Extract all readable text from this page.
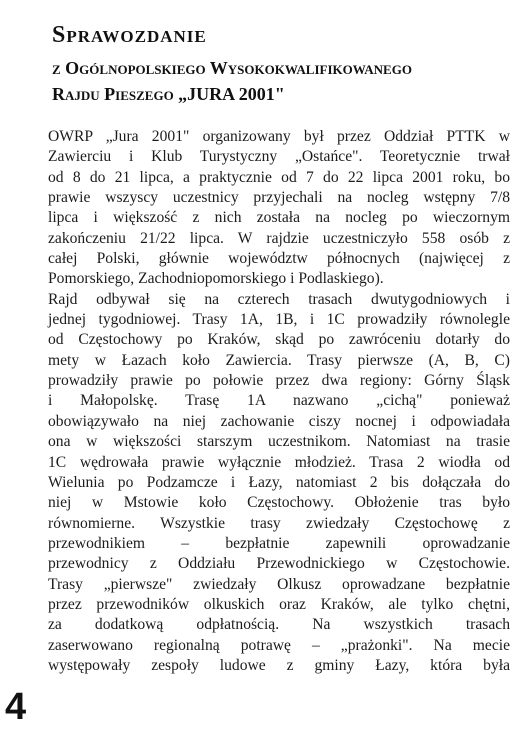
Sprawozdanie
z Ogólnopolskiego Wysokokwalifikowanego
Rajdu Pieszego „JURA 2001"
OWRP „Jura 2001" organizowany był przez Oddział PTTK w
Zawierciu i Klub Turystyczny „Ostańce". Teoretycznie trwał
od 8 do 21 lipca, a praktycznie od 7 do 22 lipca 2001 roku, bo
prawie wszyscy uczestnicy przyjechali na nocleg wstępny 7/8
lipca i większość z nich została na nocleg po wieczornym
zakończeniu 21/22 lipca. W rajdzie uczestniczyło 558 osób z
całej Polski, głównie województw północnych (najwięcej z
Pomorskiego, Zachodniopomorskiego i Podlaskiego).
Rajd odbywał się na czterech trasach dwutygodniowych i
jednej tygodniowej. Trasy 1A, 1B, i 1C prowadziły równolegle
od Częstochowy po Kraków, skąd po zawróceniu dotarły do
mety w Łazach koło Zawiercia. Trasy pierwsze (A, B, C)
prowadziły prawie po połowie przez dwa regiony: Górny Śląsk
i Małopolskę. Trasę 1A nazwano „cichą" ponieważ
obowiązywało na niej zachowanie ciszy nocnej i odpowiadała
ona w większości starszym uczestnikom. Natomiast na trasie
1C wędrowała prawie wyłącznie młodzież. Trasa 2 wiodła od
Wielunia po Podzamcze i Łazy, natomiast 2 bis dołączała do
niej w Mstowie koło Częstochowy. Obłożenie tras było
równomierne. Wszystkie trasy zwiedzały Częstochowę z
przewodnikiem – bezpłatnie zapewnili oprowadzanie
przewodnicy z Oddziału Przewodnickiego w Częstochowie.
Trasy „pierwsze" zwiedzały Olkusz oprowadzane bezpłatnie
przez przewodników olkuskich oraz Kraków, ale tylko chętni,
za dodatkową odpłatnością. Na wszystkich trasach
zaserwowano regionalną potrawę – „prażonki". Na mecie
występowały zespoły ludowe z gminy Łazy, która była
4
